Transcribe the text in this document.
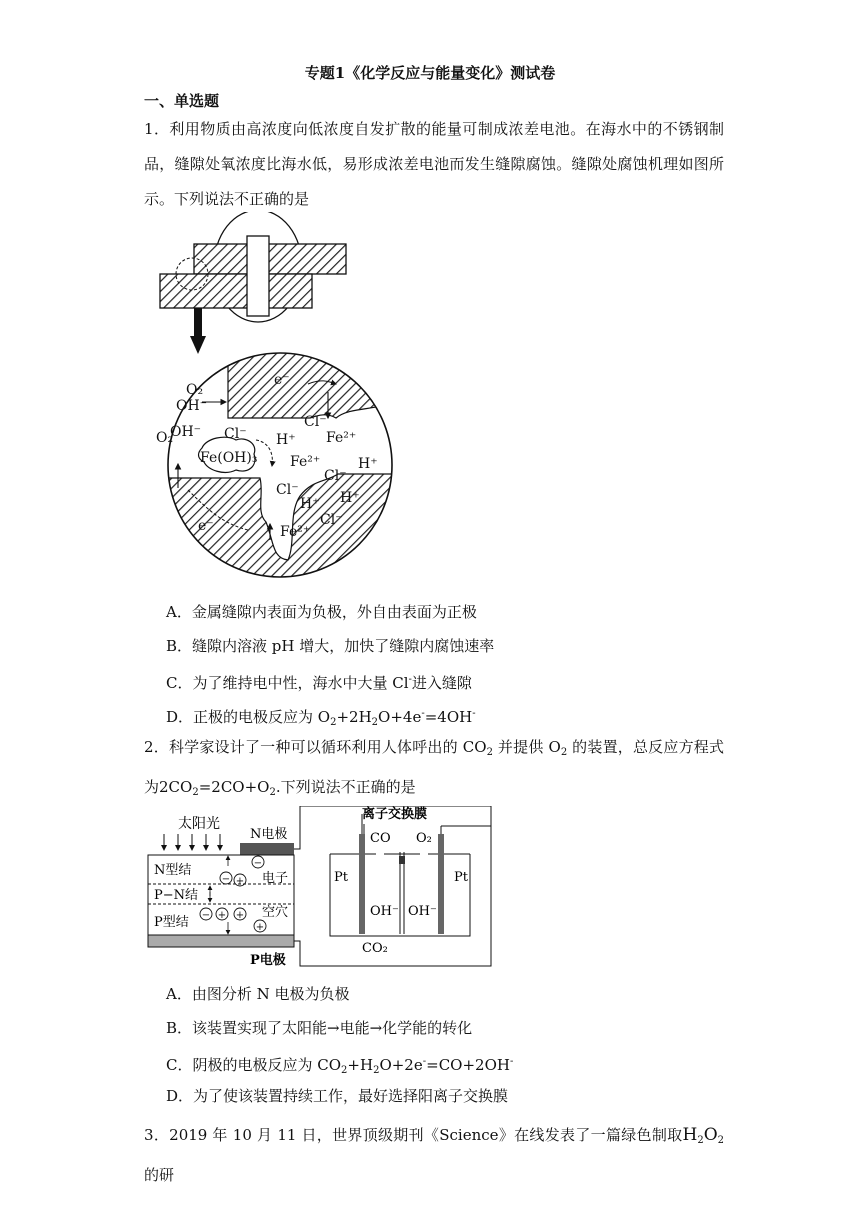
专题1《化学反应与能量变化》测试卷
一、单选题
1．利用物质由高浓度向低浓度自发扩散的能量可制成浓差电池。在海水中的不锈钢制品，缝隙处氧浓度比海水低，易形成浓差电池而发生缝隙腐蚀。缝隙处腐蚀机理如图所示。下列说法不正确的是
O₂
OH⁻
e⁻
Cl⁻
Fe²⁺
Cl⁻ H⁺
O₂
OH⁻
Fe(OH)₃ Fe²⁺
Cl⁻
H⁺
Cl⁻	H⁺
H⁺
Cl⁻
Fe²⁺
e⁻
A．金属缝隙内表面为负极，外自由表面为正极
B．缝隙内溶液 pH 增大，加快了缝隙内腐蚀速率
C．为了维持电中性，海水中大量 Cl-进入缝隙
D．正极的电极反应为 $O_2+2H_2O+4e^-=4OH^-$
2．科学家设计了一种可以循环利用人体呼出的 $CO_2$ 并提供 $O_2$ 的装置，总反应方程式为$2CO_2=2CO+O_2$.下列说法不正确的是
太阳光
N电极
N型结
P−N结
P型结
电子
空穴
−
− +
− + +
+
离子交换膜
CO O₂
Pt	Pt
OH⁻ OH⁻
CO₂
P电极
A．由图分析 N 电极为负极
B．该装置实现了太阳能→电能→化学能的转化
C．阴极的电极反应为 $CO_2+H_2O+2e^-=CO+2OH^-$
D．为了使该装置持续工作，最好选择阳离子交换膜
3．2019 年 10 月 11 日，世界顶级期刊《Science》在线发表了一篇绿色制取$H_2O_2$的研
